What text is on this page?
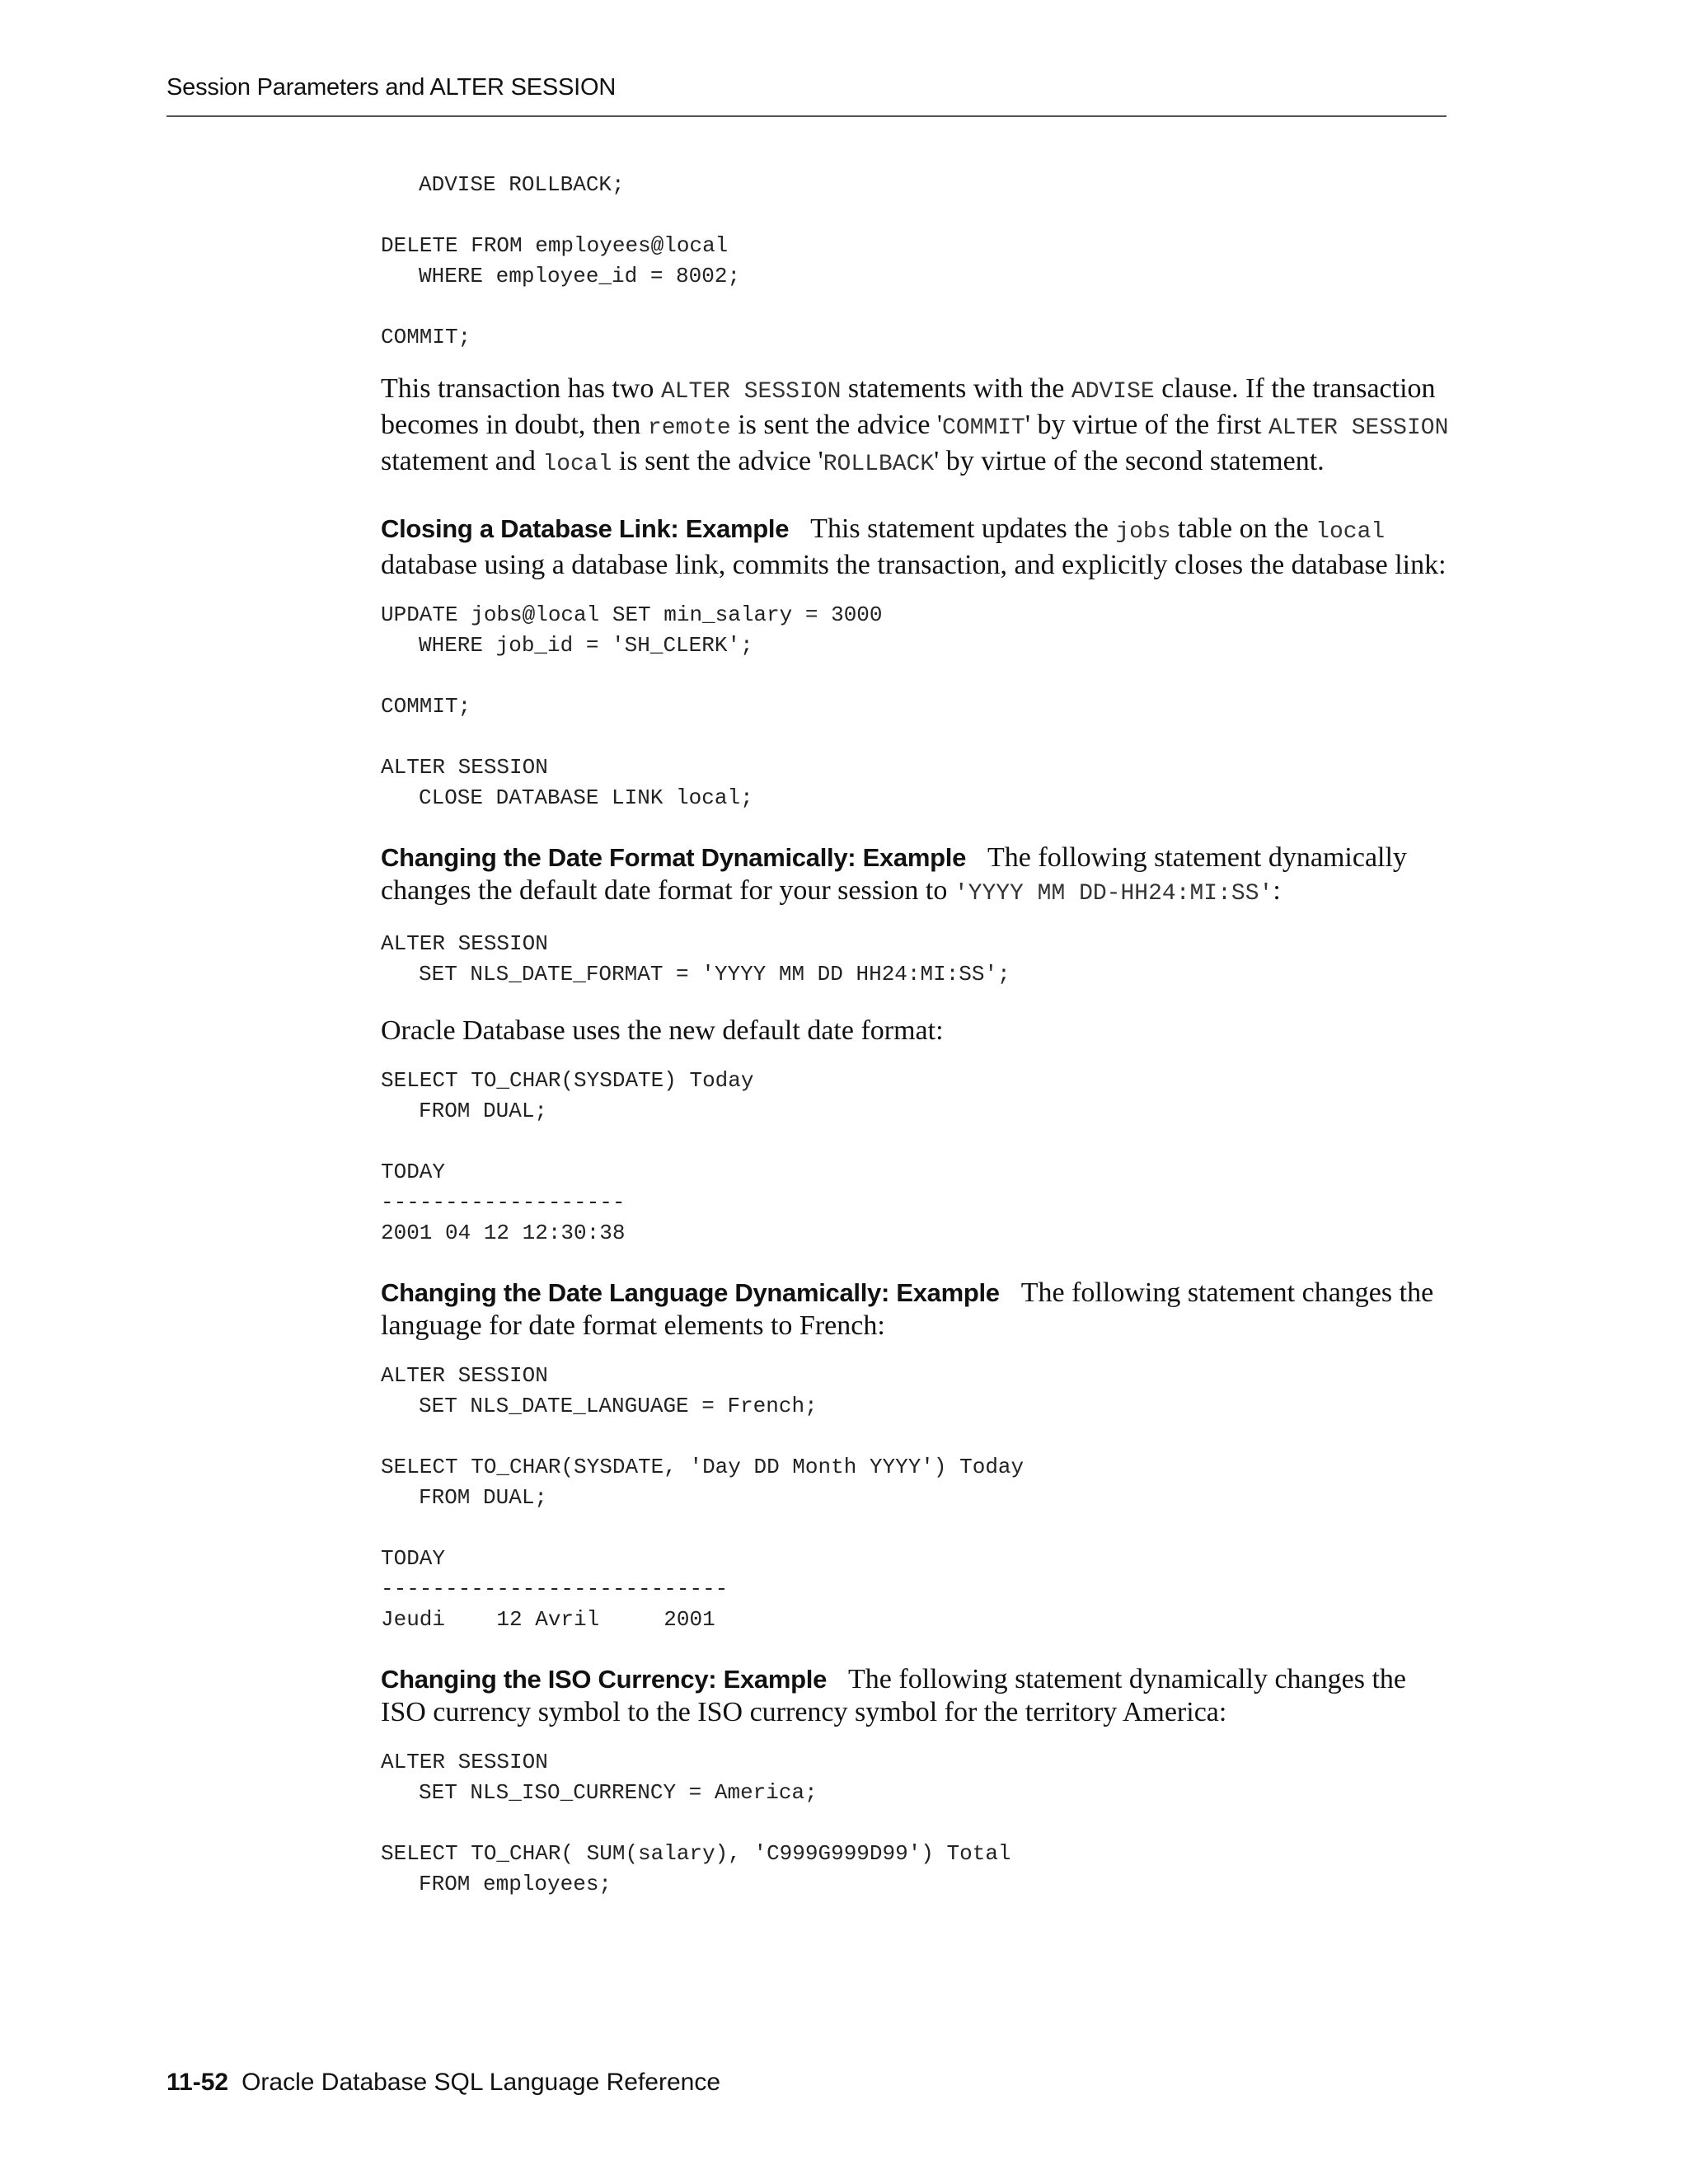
Session Parameters and ALTER SESSION
ADVISE ROLLBACK;

DELETE FROM employees@local
WHERE employee_id = 8002;

COMMIT;

This transaction has two ALTER SESSION statements with the ADVISE clause. If the transaction becomes in doubt, then remote is sent the advice 'COMMIT' by virtue of the first ALTER SESSION statement and local is sent the advice 'ROLLBACK' by virtue of the second statement.

Closing a Database Link: Example This statement updates the jobs table on the local database using a database link, commits the transaction, and explicitly closes the database link:

UPDATE jobs@local SET min_salary = 3000
WHERE job_id = 'SH_CLERK';

COMMIT;

ALTER SESSION
CLOSE DATABASE LINK local;

Changing the Date Format Dynamically: Example The following statement dynamically changes the default date format for your session to 'YYYY MM DD-HH24:MI:SS':

ALTER SESSION
SET NLS_DATE_FORMAT = 'YYYY MM DD HH24:MI:SS';

Oracle Database uses the new default date format:

SELECT TO_CHAR(SYSDATE) Today
FROM DUAL;

TODAY
-------------------
2001 04 12 12:30:38

Changing the Date Language Dynamically: Example The following statement changes the language for date format elements to French:

ALTER SESSION
SET NLS_DATE_LANGUAGE = French;

SELECT TO_CHAR(SYSDATE, 'Day DD Month YYYY') Today
FROM DUAL;

TODAY
---------------------------
Jeudi    12 Avril     2001

Changing the ISO Currency: Example The following statement dynamically changes the ISO currency symbol to the ISO currency symbol for the territory America:

ALTER SESSION
SET NLS_ISO_CURRENCY = America;

SELECT TO_CHAR( SUM(salary), 'C999G999D99') Total
FROM employees;
11-52 Oracle Database SQL Language Reference
